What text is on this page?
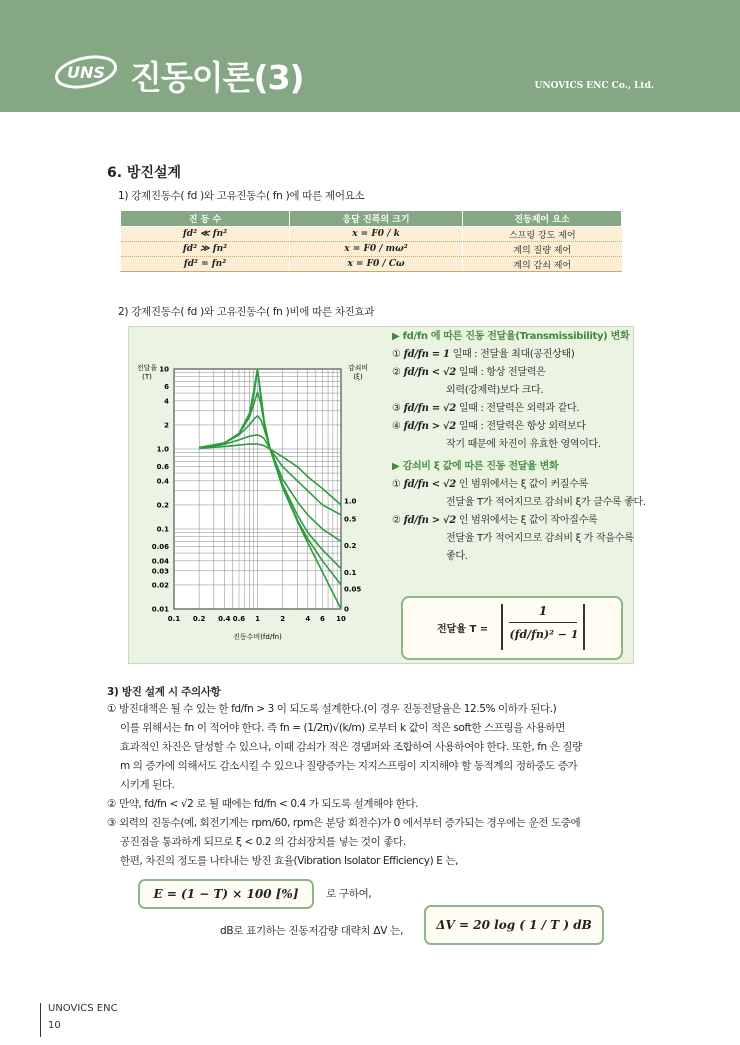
UNS 진동이론(3)	UNOVICS ENC Co., Ltd.
6. 방진설계
1) 강제진동수( fd )와 고유진동수( fn )에 따른 제어요소
진 동 수	응답 진폭의 크기	진동제어 요소
fd² ≪ fn²	x = F0 / k	스프링 강도 제어
fd² ≫ fn²	x = F0 / mω²	계의 질량 제어
fd² = fn²	x = F0 / Cω	계의 감쇠 제어
2) 강제진동수( fd )와 고유진동수( fn )비에 따른 차진효과
0.1 0.2 0.4 0.6 1	2	4 6 10
0.01
0.02
0.03
0.04
0.06
0.1
0.2
0.4
0.6
1.0
2
4
6
10
1.0
0.5
0.2
0.1
0.05
0
전달율
(T)
감쇠비
(ξ)
진동수비(fd/fn)
▶ fd/fn 에 따른 진동 전달율(Transmissibility) 변화
① fd/fn = 1 일때 : 전달율 최대(공진상태)
② fd/fn < √2 일때 : 항상 전달력은
외력(강제력)보다 크다.
③ fd/fn = √2 일때 : 전달력은 외력과 같다.
④ fd/fn > √2 일때 : 전달력은 항상 외력보다
작기 때문에 차진이 유효한 영역이다.
▶ 감쇠비 ξ 값에 따른 진동 전달율 변화
① fd/fn < √2 인 범위에서는 ξ 값이 커질수록
전달율 T가 적어지므로 감쇠비 ξ가 클수록 좋다.
② fd/fn > √2 인 범위에서는 ξ 값이 작아질수록
전달율 T가 적어지므로 감쇠비 ξ 가 작을수록
좋다.
전달율 T =
1
(fd/fn)² − 1
3) 방진 설계 시 주의사항
① 방진대책은 될 수 있는 한 fd/fn > 3 이 되도록 설계한다.(이 경우 진동전달율은 12.5% 이하가 된다.)
이를 위해서는 fn 이 적어야 한다. 즉 fn = (1/2π)√(k/m) 로부터 k 값이 적은 soft한 스프링을 사용하면
효과적인 차진은 달성할 수 있으나, 이때 감쇠가 적은 경댐퍼와 조합하여 사용하여야 한다. 또한, fn 은 질량
m 의 증가에 의해서도 감소시킬 수 있으나 질량증가는 지지스프링이 지지해야 할 동적계의 정하중도 증가
시키게 된다.
② 만약, fd/fn < √2 로 될 때에는 fd/fn < 0.4 가 되도록 설계해야 한다.
③ 외력의 진동수(예, 회전기계는 rpm/60, rpm은 분당 회전수)가 0 에서부터 증가되는 경우에는 운전 도중에
공진점을 통과하게 되므로 ξ < 0.2 의 감쇠장치를 넣는 것이 좋다.
한편, 차진의 정도를 나타내는 방진 효율(Vibration Isolator Efficiency) E 는,
E = (1 − T) × 100 [%]	로 구하여,
dB로 표기하는 진동저감량 대략치 ΔV 는,	ΔV = 20 log ( 1 / T ) dB
UNOVICS ENC
10
